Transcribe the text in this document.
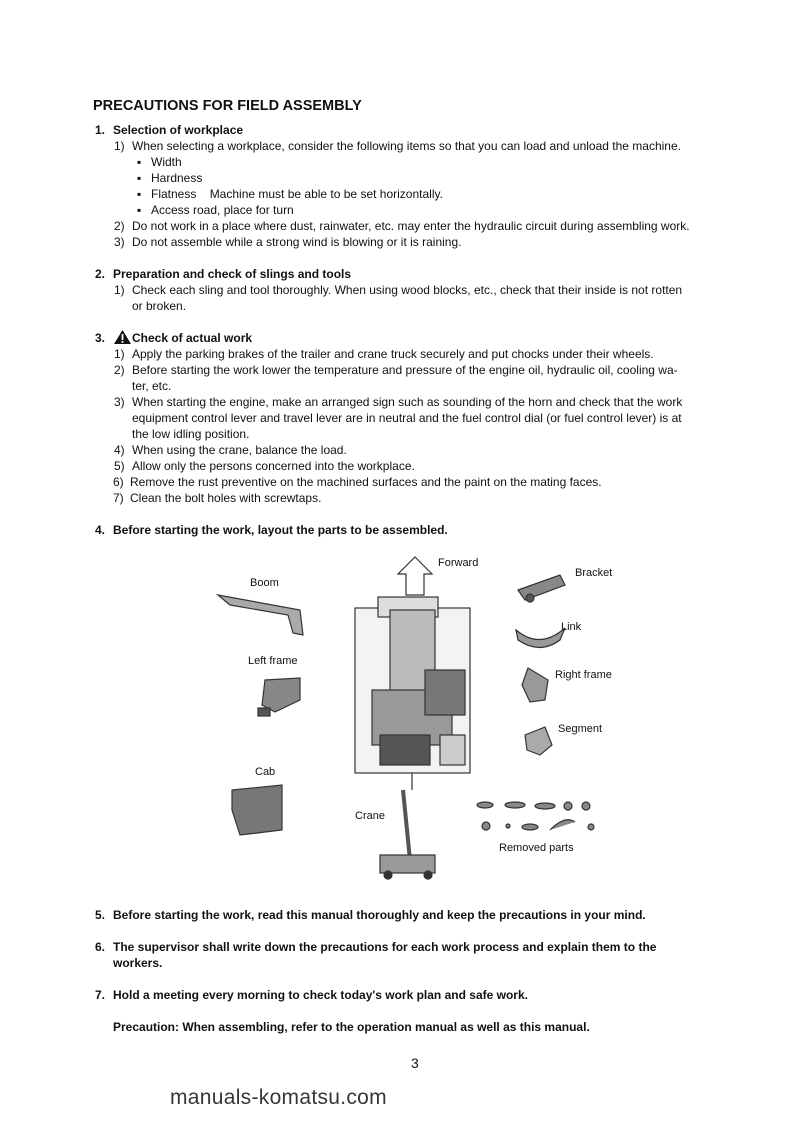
PRECAUTIONS FOR FIELD ASSEMBLY
1. Selection of workplace
1) When selecting a workplace, consider the following items so that you can load and unload the machine.
▪ Width
▪ Hardness
▪ Flatness    Machine must be able to be set horizontally.
▪ Access road, place for turn
2) Do not work in a place where dust, rainwater, etc. may enter the hydraulic circuit during assembling work.
3) Do not assemble while a strong wind is blowing or it is raining.
2. Preparation and check of slings and tools
1) Check each sling and tool thoroughly. When using wood blocks, etc., check that their inside is not rotten
or broken.
3. Check of actual work
1) Apply the parking brakes of the trailer and crane truck securely and put chocks under their wheels.
2) Before starting the work lower the temperature and pressure of the engine oil, hydraulic oil, cooling wa-
ter, etc.
3) When starting the engine, make an arranged sign such as sounding of the horn and check that the work
equipment control lever and travel lever are in neutral and the fuel control dial (or fuel control lever) is at
the low idling position.
4) When using the crane, balance the load.
5) Allow only the persons concerned into the workplace.
6) Remove the rust preventive on the machined surfaces and the paint on the mating faces.
7) Clean the bolt holes with screwtaps.
4. Before starting the work, layout the parts to be assembled.
Forward
Bracket
Boom
Link
Left frame
Right frame
Segment
Cab
Crane
Removed parts
5. Before starting the work, read this manual thoroughly and keep the precautions in your mind.
6. The supervisor shall write down the precautions for each work process and explain them to the
workers.
7. Hold a meeting every morning to check today's work plan and safe work.
Precaution: When assembling, refer to the operation manual as well as this manual.
3
manuals-komatsu.com
